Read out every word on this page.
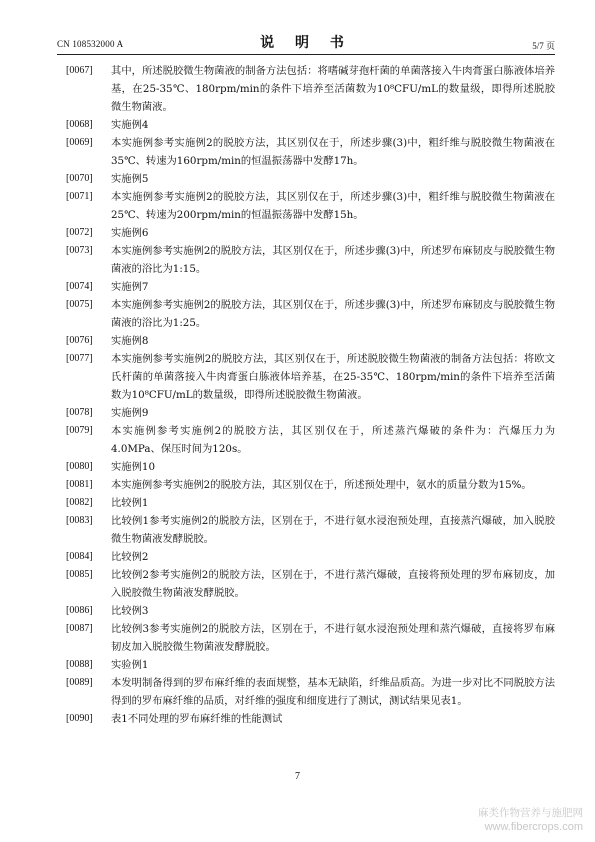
CN 108532000 A	说 明 书	5/7 页
[0067] 其中，所述脱胶微生物菌液的制备方法包括：将嗜碱芽孢杆菌的单菌落接入牛肉膏蛋白胨液体培养基，在25-35℃、180rpm/min的条件下培养至活菌数为10⁸CFU/mL的数量级，即得所述脱胶微生物菌液。
[0068] 实施例4
[0069] 本实施例参考实施例2的脱胶方法，其区别仅在于，所述步骤(3)中，粗纤维与脱胶微生物菌液在35℃、转速为160rpm/min的恒温振荡器中发酵17h。
[0070] 实施例5
[0071] 本实施例参考实施例2的脱胶方法，其区别仅在于，所述步骤(3)中，粗纤维与脱胶微生物菌液在25℃、转速为200rpm/min的恒温振荡器中发酵15h。
[0072] 实施例6
[0073] 本实施例参考实施例2的脱胶方法，其区别仅在于，所述步骤(3)中，所述罗布麻韧皮与脱胶微生物菌液的浴比为1:15。
[0074] 实施例7
[0075] 本实施例参考实施例2的脱胶方法，其区别仅在于，所述步骤(3)中，所述罗布麻韧皮与脱胶微生物菌液的浴比为1:25。
[0076] 实施例8
[0077] 本实施例参考实施例2的脱胶方法，其区别仅在于，所述脱胶微生物菌液的制备方法包括：将欧文氏杆菌的单菌落接入牛肉膏蛋白胨液体培养基，在25-35℃、180rpm/min的条件下培养至活菌数为10⁸CFU/mL的数量级，即得所述脱胶微生物菌液。
[0078] 实施例9
[0079] 本实施例参考实施例2的脱胶方法，其区别仅在于，所述蒸汽爆破的条件为：汽爆压力为4.0MPa、保压时间为120s。
[0080] 实施例10
[0081] 本实施例参考实施例2的脱胶方法，其区别仅在于，所述预处理中，氨水的质量分数为15%。
[0082] 比较例1
[0083] 比较例1参考实施例2的脱胶方法，区别在于，不进行氨水浸泡预处理，直接蒸汽爆破，加入脱胶微生物菌液发酵脱胶。
[0084] 比较例2
[0085] 比较例2参考实施例2的脱胶方法，区别在于，不进行蒸汽爆破，直接将预处理的罗布麻韧皮，加入脱胶微生物菌液发酵脱胶。
[0086] 比较例3
[0087] 比较例3参考实施例2的脱胶方法，区别在于，不进行氨水浸泡预处理和蒸汽爆破，直接将罗布麻韧皮加入脱胶微生物菌液发酵脱胶。
[0088] 实验例1
[0089] 本发明制备得到的罗布麻纤维的表面规整，基本无缺陷，纤维品质高。为进一步对比不同脱胶方法得到的罗布麻纤维的品质，对纤维的强度和细度进行了测试，测试结果见表1。
[0090] 表1不同处理的罗布麻纤维的性能测试
7
麻类作物营养与施肥网
www.fibercrops.com
